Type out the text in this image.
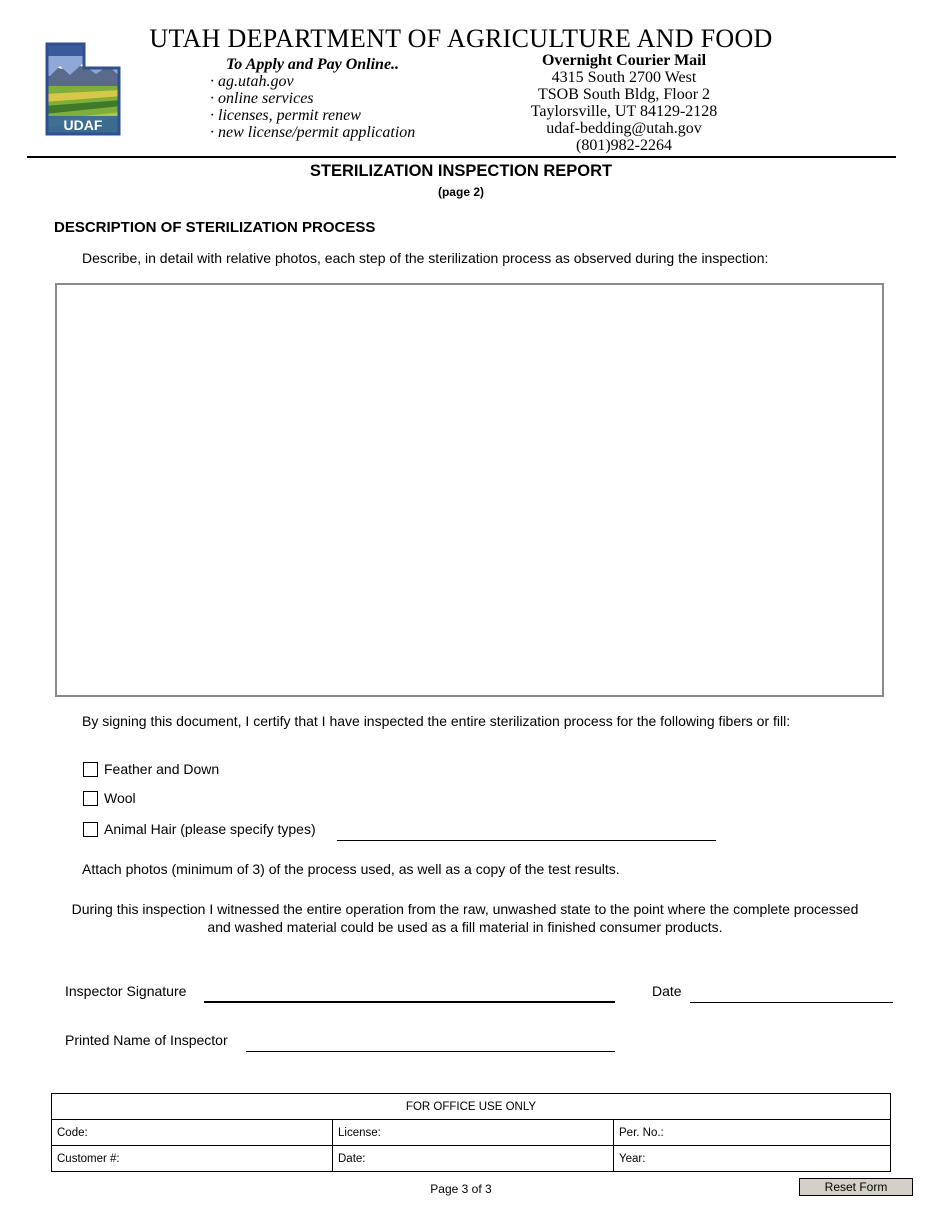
UDAF
UTAH DEPARTMENT OF AGRICULTURE AND FOOD
To Apply and Pay Online..
· ag.utah.gov
· online services
· licenses, permit renew
· new license/permit application
Overnight Courier Mail
4315 South 2700 West
TSOB South Bldg, Floor 2
Taylorsville, UT 84129-2128
udaf-bedding@utah.gov
(801)982-2264
STERILIZATION INSPECTION REPORT
(page 2)
DESCRIPTION OF STERILIZATION PROCESS
Describe, in detail with relative photos, each step of the sterilization process as observed during the inspection:
By signing this document, I certify that I have inspected the entire sterilization process for the following fibers or fill:
Feather and Down
Wool
Animal Hair (please specify types)
Attach photos (minimum of 3) of the process used, as well as a copy of the test results.
During this inspection I witnessed the entire operation from the raw, unwashed state to the point where the complete processed and washed material could be used as a fill material in finished consumer products.
Inspector Signature	Date
Printed Name of Inspector
FOR OFFICE USE ONLY		
Code:	License:	Per. No.:
Customer #:	Date:	Year:
Page 3 of 3	Reset Form
